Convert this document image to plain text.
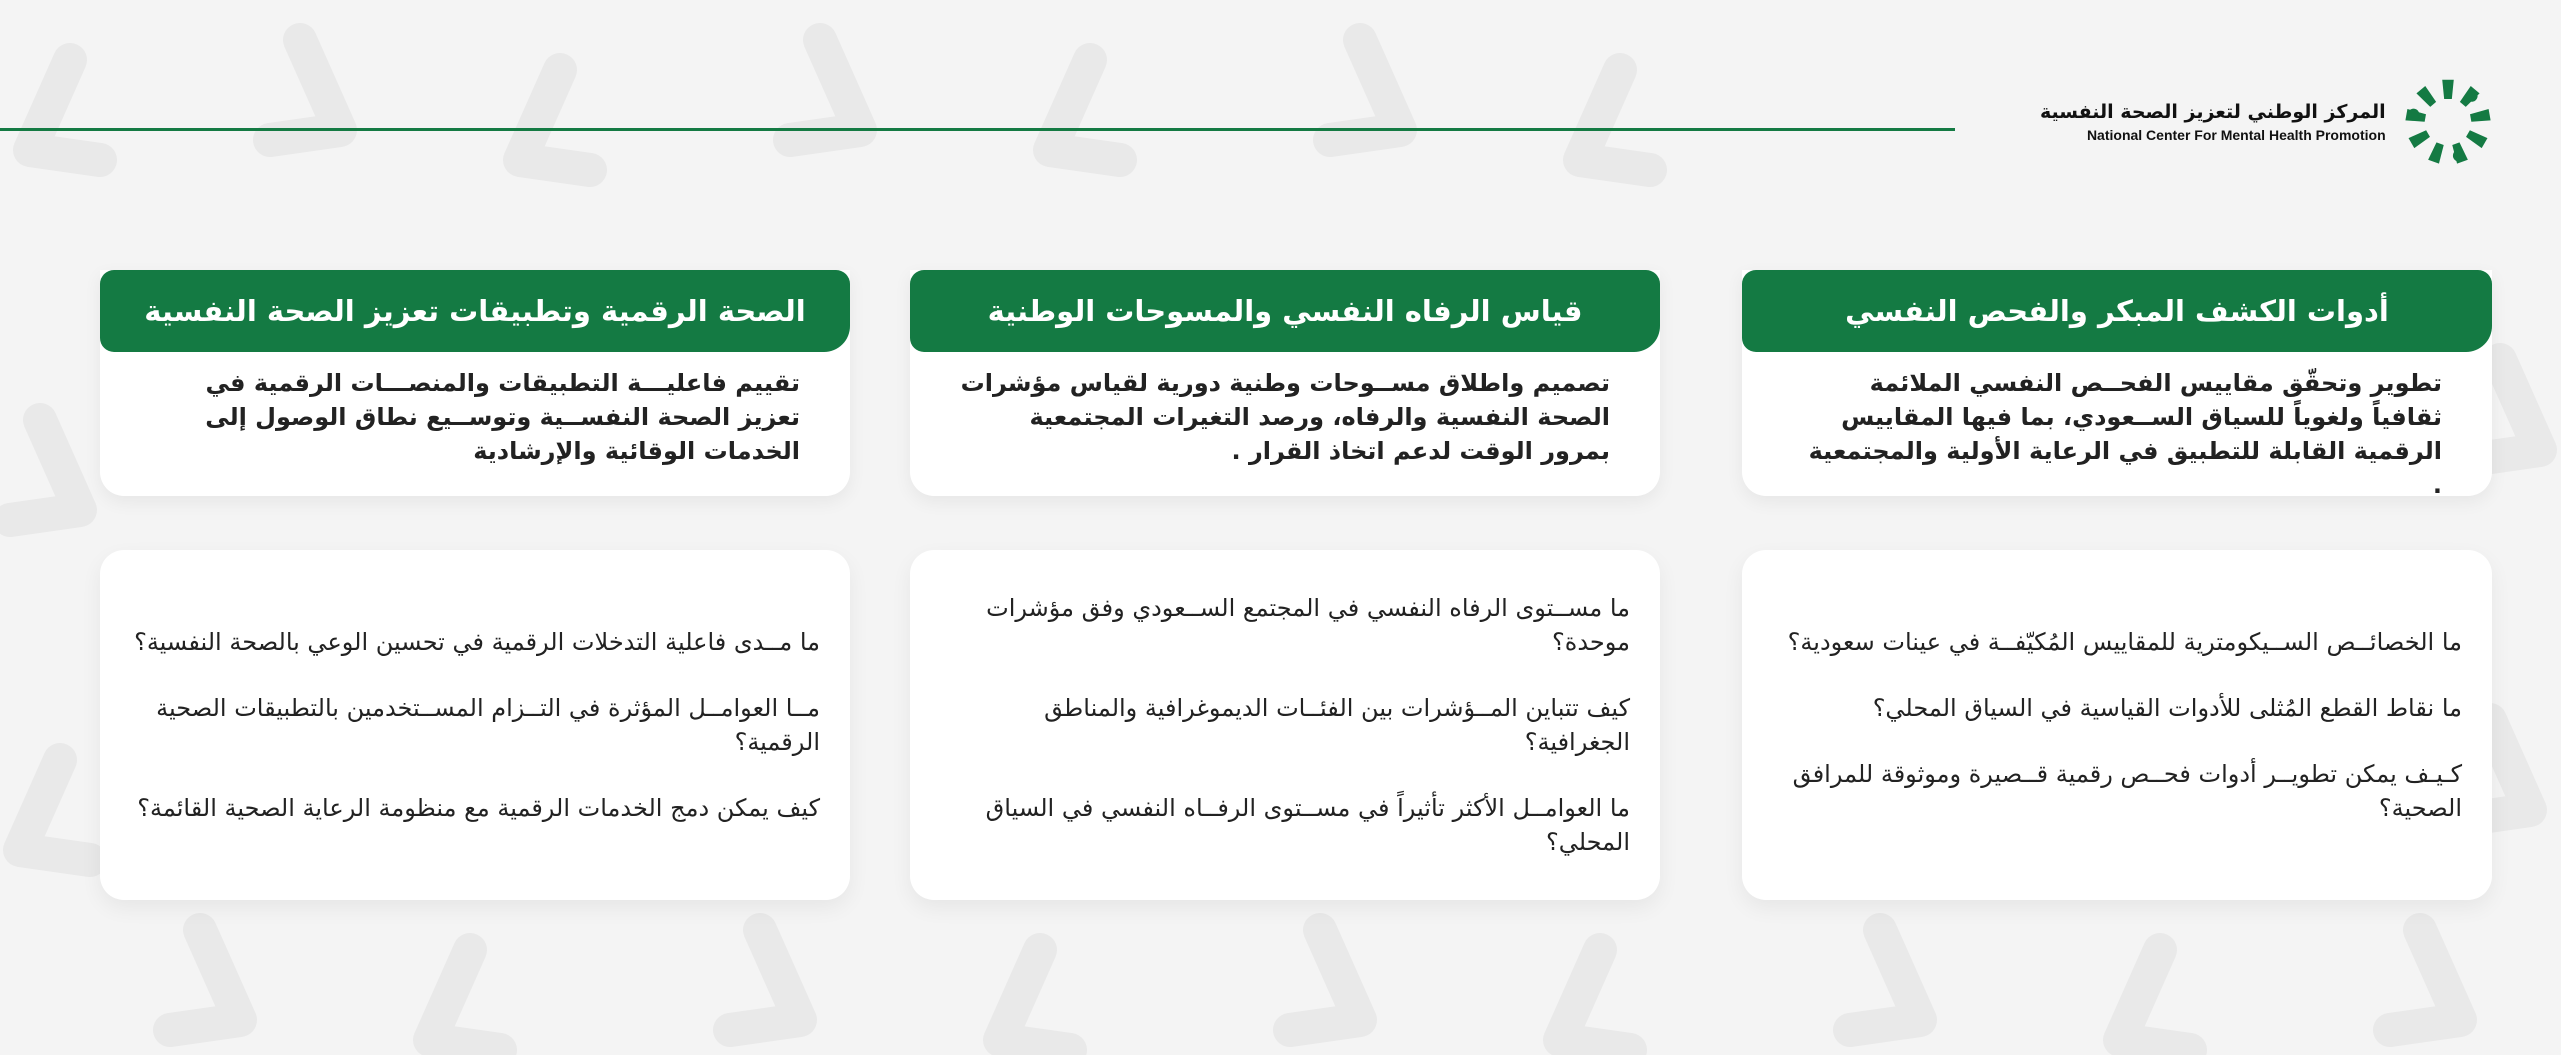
المركز الوطني لتعزيز الصحة النفسية
National Center For Mental Health Promotion
أدوات الكشف المبكر والفحص النفسي

تطوير وتحقّق مقاييس الفحــص النفسي الملائمة ثقافياً ولغوياً للسياق الســعودي، بما فيها المقاييس الرقمية القابلة للتطبيق في الرعاية الأولية والمجتمعية .

ما الخصائــص الســيكومترية للمقاييس المُكيّفــة في عينات سعودية؟

ما نقاط القطع المُثلى للأدوات القياسية في السياق المحلي؟

كـيـف يمكن تطويــر أدوات فحــص رقمية قــصيرة وموثوقة للمرافق الصحية؟

قياس الرفاه النفسي والمسوحات الوطنية

تصميم واطلاق مســوحات وطنية دورية لقياس مؤشرات الصحة النفسية والرفاه، ورصد التغيرات المجتمعية بمرور الوقت لدعم اتخاذ القرار .

ما مســتوى الرفاه النفسي في المجتمع الســعودي وفق مؤشرات موحدة؟

كيف تتباين المــؤشرات بين الفئــات الديموغرافية والمناطق الجغرافية؟

ما العوامــل الأكثر تأثيراً في مســتوى الرفــاه النفسي في السياق المحلي؟

الصحة الرقمية وتطبيقات تعزيز الصحة النفسية

تقييم فاعليـــة التطبيقات والمنصـــات الرقمية في تعزيز الصحة النفســية وتوســيع نطاق الوصول إلى الخدمات الوقائية والإرشادية

ما مــدى فاعلية التدخلات الرقمية في تحسين الوعي بالصحة النفسية؟

مــا العوامــل المؤثرة في التــزام المســتخدمين بالتطبيقات الصحية الرقمية؟

كيف يمكن دمج الخدمات الرقمية مع منظومة الرعاية الصحية القائمة؟
